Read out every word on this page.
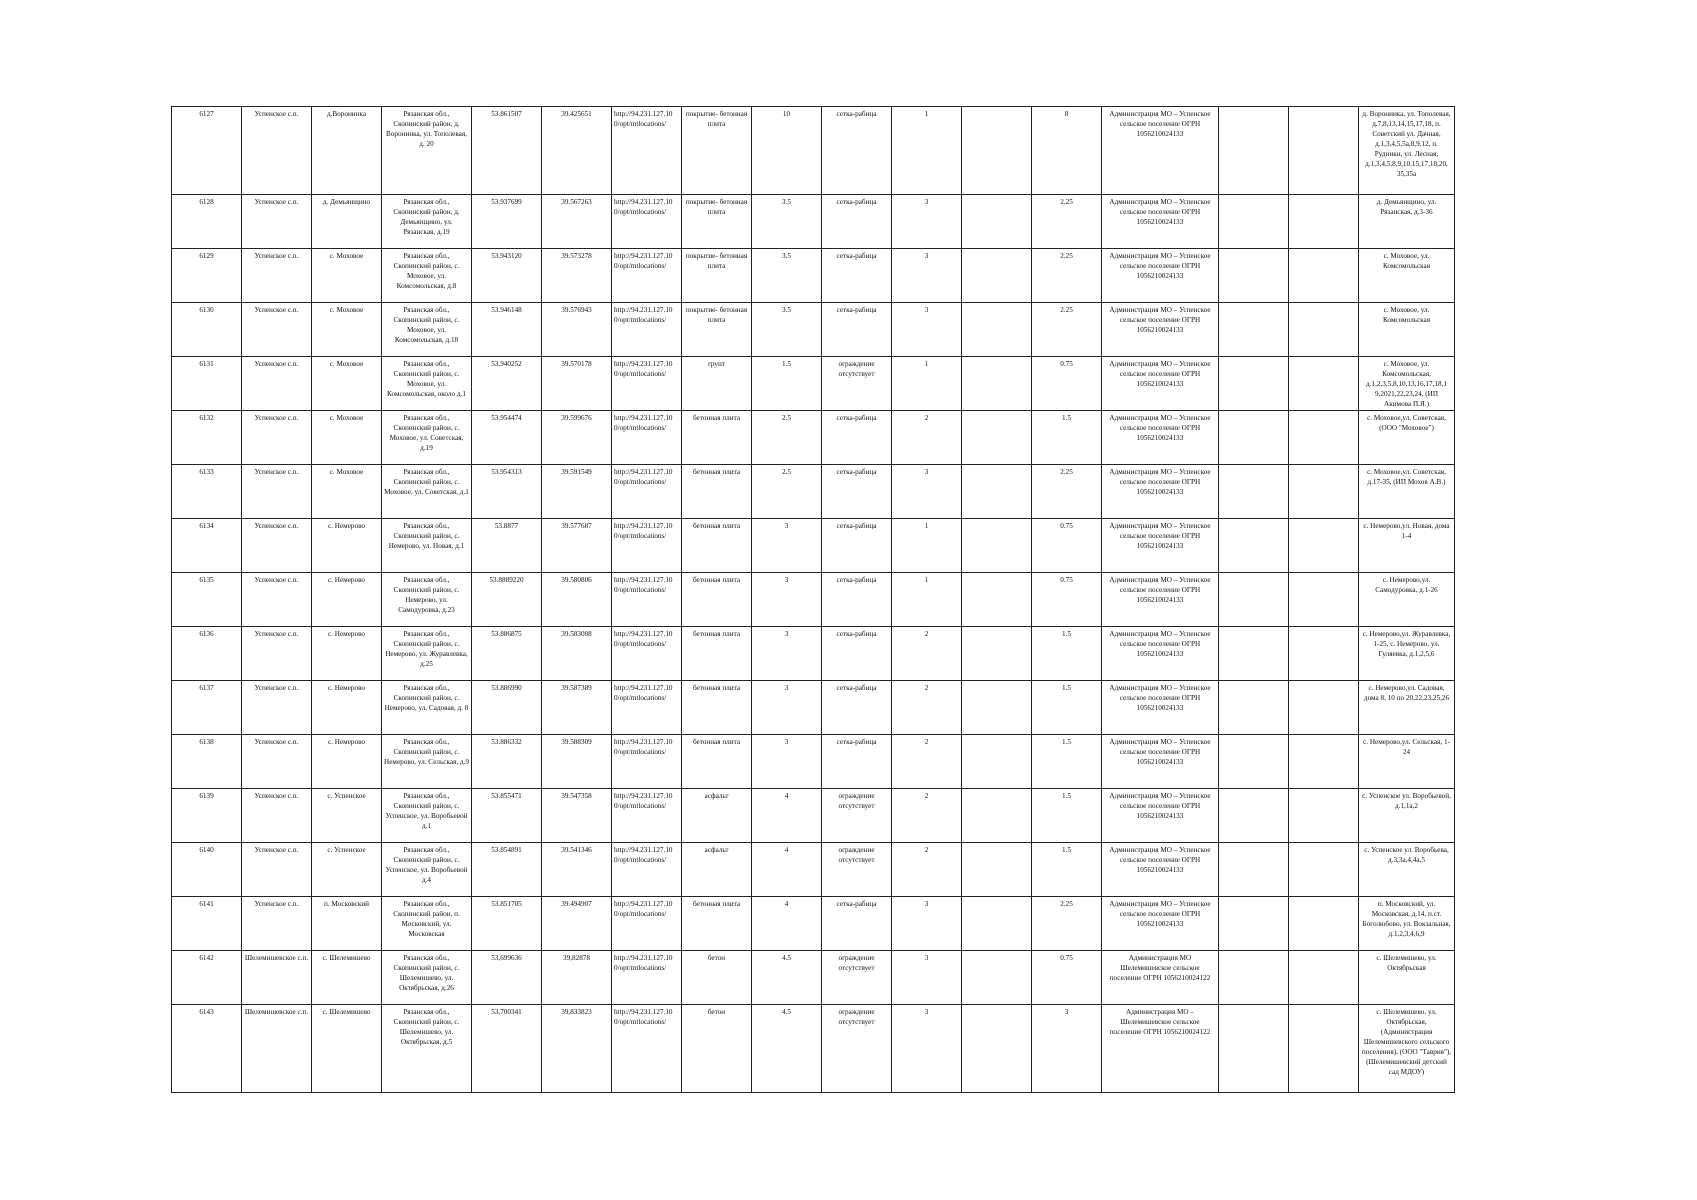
6127	Успенское с.п.	д.Воронинка	Рязанская обл., Скопинский район, д. Воронинка, ул. Тополевая, д. 20	53.861507	39.425651	http://94.231.127.10 0/opt/mtlocations/	покрытие- бетонная плита	10	сетка-рабица	1		8	Администрация МО – Успенское сельское поселение ОГРН 1056210024133			д. Воронинка, ул. Тополевая, д.7,8,13,14,15,17,18, п. Советский ул. Дачная, д.1,3,4,5,5а,8,9,12, п. Рудники, ул. Лесная, д.1,3,4,5,8,9,10,15,17,18,20, 35,35а
6128	Успенское с.п.	д. Демьянщино	Рязанская обл., Скопинский район, д. Демьянщино, ул. Рязанская, д.19	53.937699	39.567263	http://94.231.127.10 0/opt/mtlocations/	покрытие- бетонная плита	3.5	сетка-рабица	3		2.25	Администрация МО – Успенское сельское поселение ОГРН 1056210024133			д. Демьянщино, ул. Рязанская, д.3-36
6129	Успенское с.п.	с. Моховое	Рязанская обл., Скопинский район, с. Моховое, ул. Комсомольская, д.8	53.943120	39.573278	http://94.231.127.10 0/opt/mtlocations/	покрытие- бетонная плита	3.5	сетка-рабица	3		2.25	Администрация МО – Успенское сельское поселение ОГРН 1056210024133			с. Моховое, ул. Комсомольская
6130	Успенское с.п.	с. Моховое	Рязанская обл., Скопинский район, с. Моховое, ул. Комсомольская, д.18	53.946148	39.576943	http://94.231.127.10 0/opt/mtlocations/	покрытие- бетонная плита	3.5	сетка-рабица	3		2.25	Администрация МО – Успенское сельское поселение ОГРН 1056210024133			с. Моховое, ул. Комсомольская
6131	Успенское с.п.	с. Моховое	Рязанская обл., Скопинский район, с. Моховое, ул. Комсомольская, около д.1	53.940252	39.570178	http://94.231.127.10 0/opt/mtlocations/	грунт	1.5	ограждение отсутствует	1		0.75	Администрация МО – Успенское сельское поселение ОГРН 1056210024133			с. Моховое, ул. Комсомольская, д.1,2,3,5,8,10,13,16,17,18,1 9,2021,22,23,24, (ИП Акимова П.Я.)
6132	Успенское с.п.	с. Моховое	Рязанская обл., Скопинский район, с. Моховое, ул. Советская, д.19	53.954474	39.599676	http://94.231.127.10 0/opt/mtlocations/	бетонная плита	2.5	сетка-рабица	2		1.5	Администрация МО – Успенское сельское поселение ОГРН 1056210024133			с. Моховое,ул. Советская, (ООО "Моховое")
6133	Успенское с.п.	с. Моховое	Рязанская обл., Скопинский район, с. Моховое, ул. Советская, д.1	53.954313	39.591549	http://94.231.127.10 0/opt/mtlocations/	бетонная плита	2.5	сетка-рабица	3		2.25	Администрация МО – Успенское сельское поселение ОГРН 1056210024133			с. Моховое,ул. Советская, д.17-35, (ИП Мохов А.В.)
6134	Успенское с.п.	с. Немерово	Рязанская обл., Скопинский район, с. Немерово, ул. Новая, д.1	53.8877	39.577687	http://94.231.127.10 0/opt/mtlocations/	бетонная плита	3	сетка-рабица	1		0.75	Администрация МО – Успенское сельское поселение ОГРН 1056210024133			с. Немерово,ул. Новая, дома 1-4
6135	Успенское с.п.	с. Немерово	Рязанская обл., Скопинский район, с. Немерово, ул. Самодуровка, д.23	53.8889220	39.580806	http://94.231.127.10 0/opt/mtlocations/	бетонная плита	3	сетка-рабица	1		0.75	Администрация МО – Успенское сельское поселение ОГРН 1056210024133			с. Немерово,ул. Самодуровка, д.1-26
6136	Успенское с.п.	с. Немерово	Рязанская обл., Скопинский район, с. Немерово, ул. Журавлевка, д.25	53.886875	39.583008	http://94.231.127.10 0/opt/mtlocations/	бетонная плита	3	сетка-рабица	2		1.5	Администрация МО – Успенское сельское поселение ОГРН 1056210024133			с. Немерово,ул. Журавлевка, 1-25, с. Немерово, ул. Гуляевка, д.1,2,5,6
6137	Успенское с.п.	с. Немерово	Рязанская обл., Скопинский район, с. Немерово, ул. Садовая, д. 8	53.886990	39.587389	http://94.231.127.10 0/opt/mtlocations/	бетонная плита	3	сетка-рабица	2		1.5	Администрация МО – Успенское сельское поселение ОГРН 1056210024133			с. Немерово,ул. Садовая, дома 8, 10 по 20,22,23,25,26
6138	Успенское с.п.	с. Немерово	Рязанская обл., Скопинский район, с. Немерово, ул. Сельская, д.9	53.886332	39.588309	http://94.231.127.10 0/opt/mtlocations/	бетонная плита	3	сетка-рабица	2		1.5	Администрация МО – Успенское сельское поселение ОГРН 1056210024133			с. Немерово,ул. Сельская, 1-24
6139	Успенское с.п.	с. Успенское	Рязанская обл., Скопинский район, с. Успенское, ул. Воробьевой д.1	53.855471	39.547358	http://94.231.127.10 0/opt/mtlocations/	асфальт	4	ограждение отсутствует	2		1.5	Администрация МО – Успенское сельское поселение ОГРН 1056210024133			с. Успенское ул. Воробьевой, д.1,1а,2
6140	Успенское с.п.	с. Успенское	Рязанская обл., Скопинский район, с. Успенское, ул. Воробьевой д.4	53.854891	39.541346	http://94.231.127.10 0/opt/mtlocations/	асфальт	4	ограждение отсутствует	2		1.5	Администрация МО – Успенское сельское поселение ОГРН 1056210024133			с. Успенское ул. Воробьева, д.3,3а,4,4а,5
6141	Успенское с.п.	п. Московский	Рязанская обл., Скопинский район, п. Московский, ул. Московская	53.851705	39.494907	http://94.231.127.10 0/opt/mtlocations/	бетонная плита	4	сетка-рабица	3		2.25	Администрация МО – Успенское сельское поселение ОГРН 1056210024133			п. Московский, ул. Московская, д.14, п.ст. Боголюбово, ул. Вокзальная, д.1,2,3,4,6,9
6142	Шелемишевское с.п.	с. Шелемишево	Рязанская обл., Скопинский район, с. Шелемишево, ул. Октябрьская, д.26	53,699636	39,82878	http://94.231.127.10 0/opt/mtlocations/	бетон	4.5	ограждение отсутствует	3		0.75	Администрация МО Шелемишевское сельское поселение ОГРН 1056210024122			с. Шелемишево, ул. Октябрьская
6143	Шелемишевское с.п.	с. Шелемишево	Рязанская обл., Скопинский район, с. Шелемишево, ул. Октябрьская, д.5	53,700341	39,833823	http://94.231.127.10 0/opt/mtlocations/	бетон	4.5	ограждение отсутствует	3		3	Администрация МО – Шелемишевское сельское поселение ОГРН 1056210024122			с. Шелемишево, ул. Октябрьская, (Администрация Шелемишевского сельского поселения), (ООО "Таврия"), (Шелемишевский детский сад МДОУ)
